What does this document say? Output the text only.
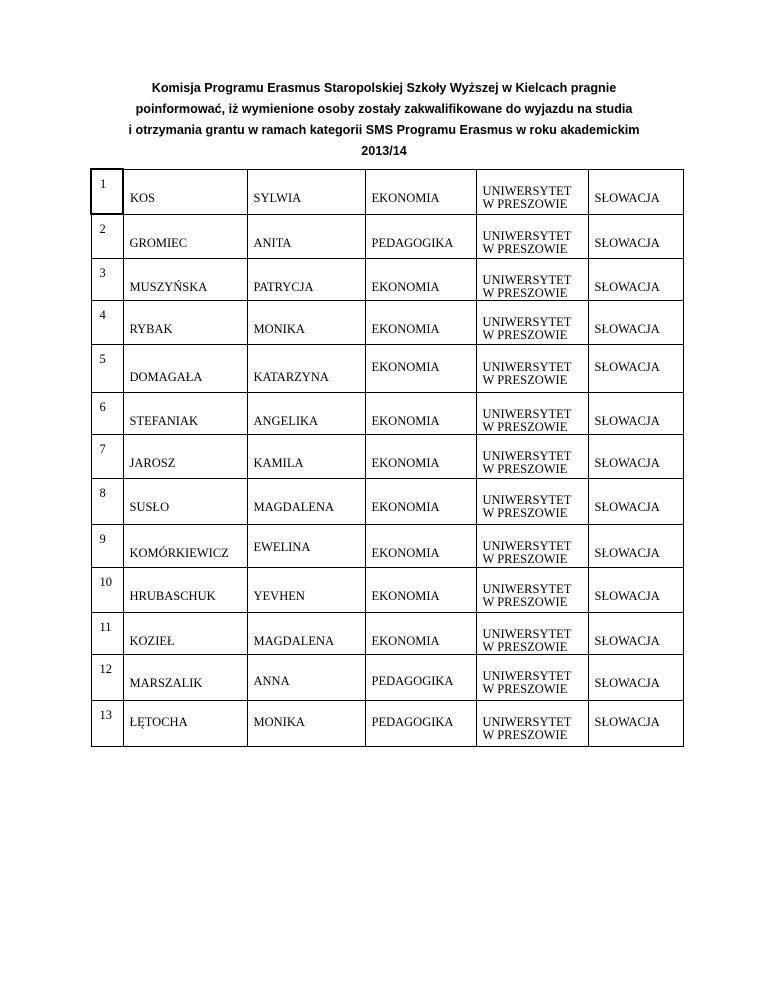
Komisja Programu Erasmus Staropolskiej Szkoły Wyższej w Kielcach pragnie
poinformować, iż wymienione osoby zostały zakwalifikowane do wyjazdu na studia
i otrzymania grantu w ramach kategorii SMS Programu Erasmus w roku akademickim
2013/14
1	KOS	SYLWIA	EKONOMIA	UNIWERSYTET
W PRESZOWIE	SŁOWACJA
2	GROMIEC	ANITA	PEDAGOGIKA	UNIWERSYTET
W PRESZOWIE	SŁOWACJA
3	MUSZYŃSKA	PATRYCJA	EKONOMIA	UNIWERSYTET
W PRESZOWIE	SŁOWACJA
4	RYBAK	MONIKA	EKONOMIA	UNIWERSYTET
W PRESZOWIE	SŁOWACJA
5	DOMAGAŁA	KATARZYNA	EKONOMIA	UNIWERSYTET
W PRESZOWIE	SŁOWACJA
6	STEFANIAK	ANGELIKA	EKONOMIA	UNIWERSYTET
W PRESZOWIE	SŁOWACJA
7	JAROSZ	KAMILA	EKONOMIA	UNIWERSYTET
W PRESZOWIE	SŁOWACJA
8	SUSŁO	MAGDALENA	EKONOMIA	UNIWERSYTET
W PRESZOWIE	SŁOWACJA
9	KOMÓRKIEWICZ	EWELINA	EKONOMIA	UNIWERSYTET
W PRESZOWIE	SŁOWACJA
10	HRUBASCHUK	YEVHEN	EKONOMIA	UNIWERSYTET
W PRESZOWIE	SŁOWACJA
11	KOZIEŁ	MAGDALENA	EKONOMIA	UNIWERSYTET
W PRESZOWIE	SŁOWACJA
12	MARSZALIK	ANNA	PEDAGOGIKA	UNIWERSYTET
W PRESZOWIE	SŁOWACJA
13	ŁĘTOCHA	MONIKA	PEDAGOGIKA	UNIWERSYTET
W PRESZOWIE	SŁOWACJA
